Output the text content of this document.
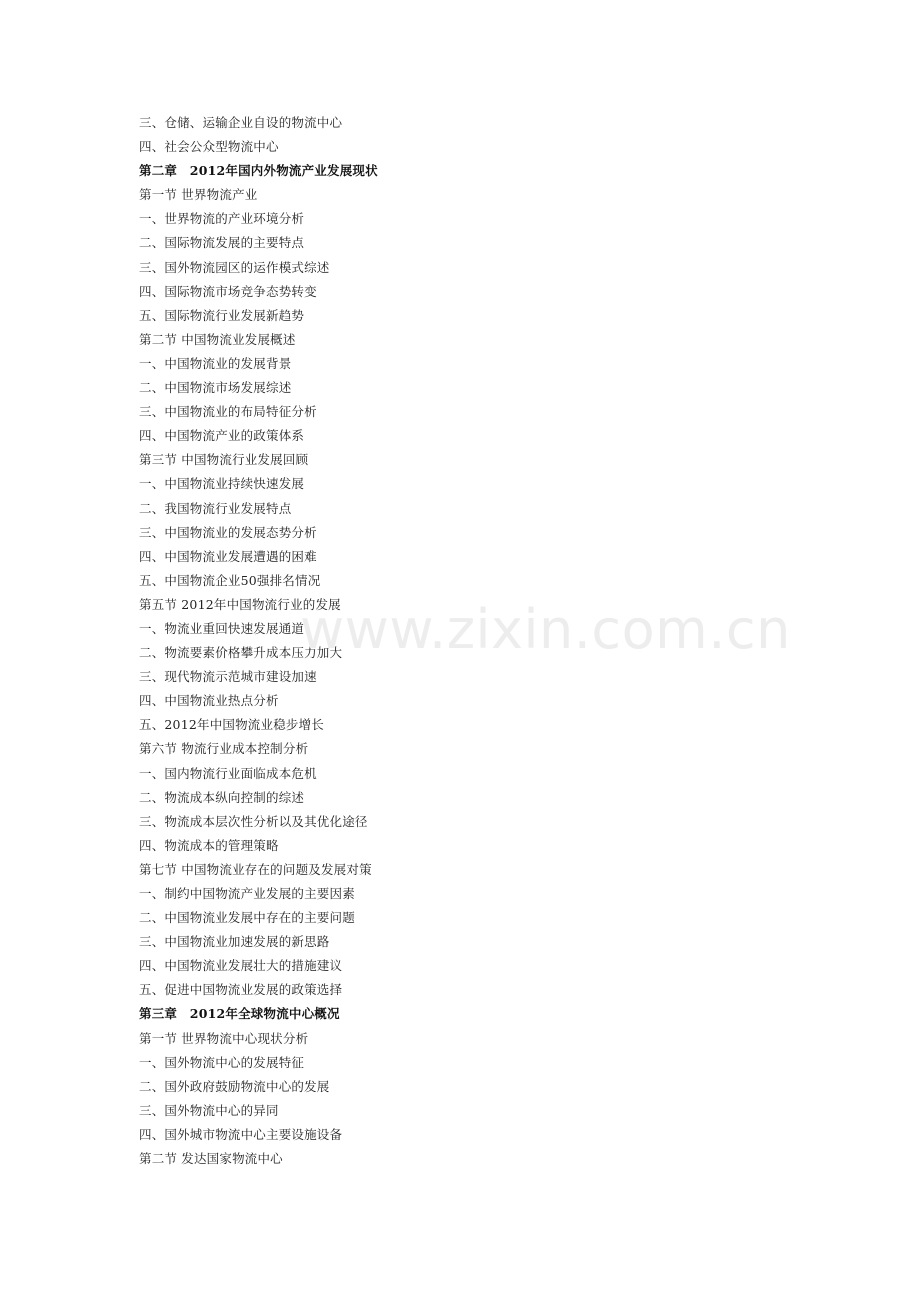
三、仓储、运输企业自设的物流中心
四、社会公众型物流中心
第二章　2012年国内外物流产业发展现状
第一节 世界物流产业
一、世界物流的产业环境分析
二、国际物流发展的主要特点
三、国外物流园区的运作模式综述
四、国际物流市场竞争态势转变
五、国际物流行业发展新趋势
第二节 中国物流业发展概述
一、中国物流业的发展背景
二、中国物流市场发展综述
三、中国物流业的布局特征分析
四、中国物流产业的政策体系
第三节 中国物流行业发展回顾
一、中国物流业持续快速发展
二、我国物流行业发展特点
三、中国物流业的发展态势分析
四、中国物流业发展遭遇的困难
五、中国物流企业50强排名情况
第五节 2012年中国物流行业的发展
一、物流业重回快速发展通道
二、物流要素价格攀升成本压力加大
三、现代物流示范城市建设加速
四、中国物流业热点分析
五、2012年中国物流业稳步增长
第六节 物流行业成本控制分析
一、国内物流行业面临成本危机
二、物流成本纵向控制的综述
三、物流成本层次性分析以及其优化途径
四、物流成本的管理策略
第七节 中国物流业存在的问题及发展对策
一、制约中国物流产业发展的主要因素
二、中国物流业发展中存在的主要问题
三、中国物流业加速发展的新思路
四、中国物流业发展壮大的措施建议
五、促进中国物流业发展的政策选择
第三章　2012年全球物流中心概况
第一节 世界物流中心现状分析
一、国外物流中心的发展特征
二、国外政府鼓励物流中心的发展
三、国外物流中心的异同
四、国外城市物流中心主要设施设备
第二节 发达国家物流中心
www.zixin.com.cn
